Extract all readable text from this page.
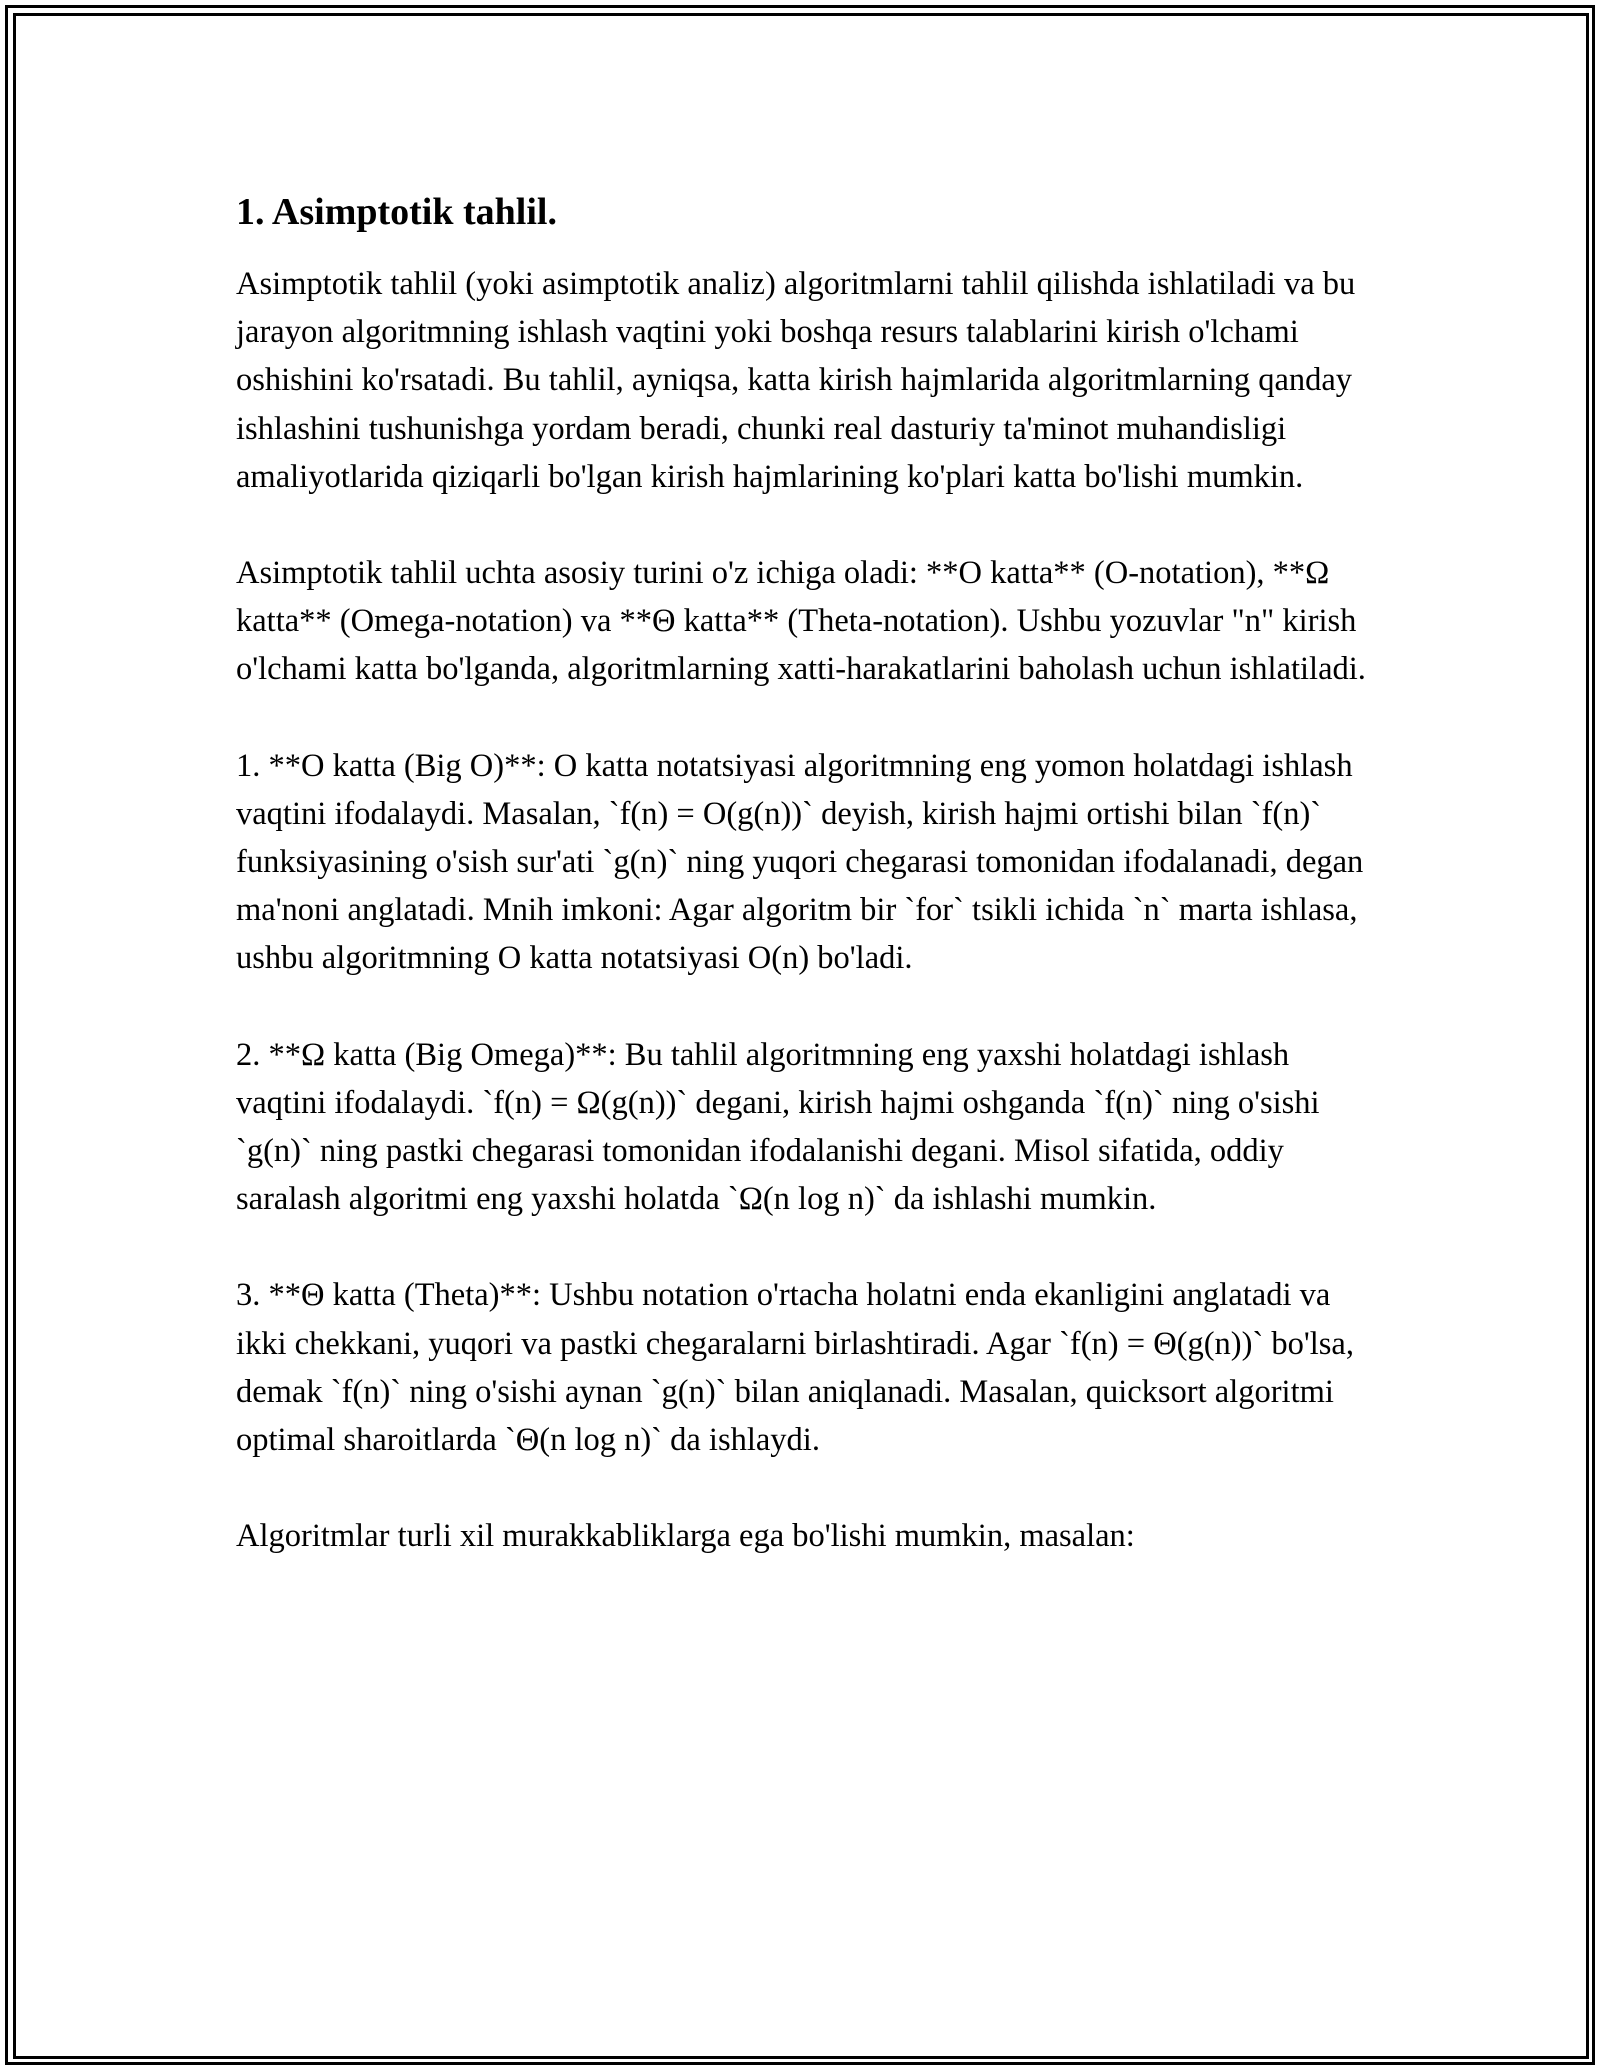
1. Asimptotik tahlil.

Asimptotik tahlil (yoki asimptotik analiz) algoritmlarni tahlil qilishda ishlatiladi va bu jarayon algoritmning ishlash vaqtini yoki boshqa resurs talablarini kirish o'lchami oshishini ko'rsatadi. Bu tahlil, ayniqsa, katta kirish hajmlarida algoritmlarning qanday ishlashini tushunishga yordam beradi, chunki real dasturiy ta'minot muhandisligi amaliyotlarida qiziqarli bo'lgan kirish hajmlarining ko'plari katta bo'lishi mumkin.

Asimptotik tahlil uchta asosiy turini o'z ichiga oladi: **O katta** (O-notation), **Ω katta** (Omega-notation) va **Θ katta** (Theta-notation). Ushbu yozuvlar "n" kirish o'lchami katta bo'lganda, algoritmlarning xatti-harakatlarini baholash uchun ishlatiladi.

1. **O katta (Big O)**: O katta notatsiyasi algoritmning eng yomon holatdagi ishlash vaqtini ifodalaydi. Masalan, `f(n) = O(g(n))` deyish, kirish hajmi ortishi bilan `f(n)` funksiyasining o'sish sur'ati `g(n)` ning yuqori chegarasi tomonidan ifodalanadi, degan ma'noni anglatadi. Mnih imkoni: Agar algoritm bir `for` tsikli ichida `n` marta ishlasa, ushbu algoritmning O katta notatsiyasi O(n) bo'ladi.

2. **Ω katta (Big Omega)**: Bu tahlil algoritmning eng yaxshi holatdagi ishlash vaqtini ifodalaydi. `f(n) = Ω(g(n))` degani, kirish hajmi oshganda `f(n)` ning o'sishi `g(n)` ning pastki chegarasi tomonidan ifodalanishi degani. Misol sifatida, oddiy saralash algoritmi eng yaxshi holatda `Ω(n log n)` da ishlashi mumkin.

3. **Θ katta (Theta)**: Ushbu notation o'rtacha holatni enda ekanligini anglatadi va ikki chekkani, yuqori va pastki chegaralarni birlashtiradi. Agar `f(n) = Θ(g(n))` bo'lsa, demak `f(n)` ning o'sishi aynan `g(n)` bilan aniqlanadi. Masalan, quicksort algoritmi optimal sharoitlarda `Θ(n log n)` da ishlaydi.

Algoritmlar turli xil murakkabliklarga ega bo'lishi mumkin, masalan:
